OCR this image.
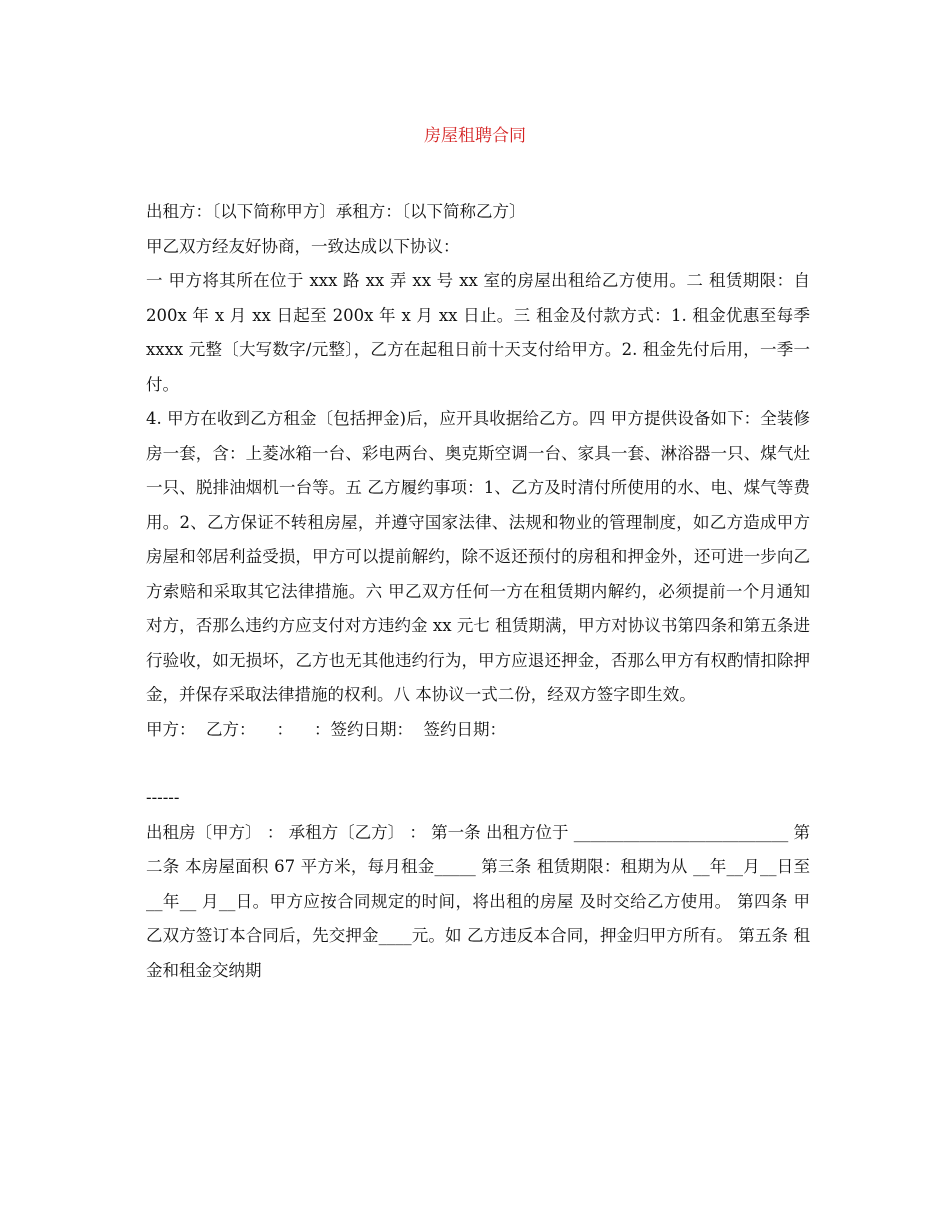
房屋租聘合同

出租方：〔以下简称甲方〕承租方：〔以下简称乙方〕

甲乙双方经友好协商，一致达成以下协议：

一 甲方将其所在位于 xxx 路 xx 弄 xx 号 xx 室的房屋出租给乙方使用。二 租赁期限：自 200x 年 x 月 xx 日起至 200x 年 x 月 xx 日止。三 租金及付款方式：1. 租金优惠至每季 xxxx 元整〔大写数字/元整〕，乙方在起租日前十天支付给甲方。2. 租金先付后用，一季一付。

4. 甲方在收到乙方租金〔包括押金)后，应开具收据给乙方。四 甲方提供设备如下：全装修房一套，含：上菱冰箱一台、彩电两台、奥克斯空调一台、家具一套、淋浴器一只、煤气灶一只、脱排油烟机一台等。五 乙方履约事项：1、乙方及时清付所使用的水、电、煤气等费用。2、乙方保证不转租房屋，并遵守国家法律、法规和物业的管理制度，如乙方造成甲方房屋和邻居利益受损，甲方可以提前解约，除不返还预付的房租和押金外，还可进一步向乙方索赔和采取其它法律措施。六 甲乙双方任何一方在租赁期内解约，必须提前一个月通知对方，否那么违约方应支付对方违约金 xx 元七 租赁期满，甲方对协议书第四条和第五条进行验收，如无损坏，乙方也无其他违约行为，甲方应退还押金，否那么甲方有权酌情扣除押金，并保存采取法律措施的权利。八 本协议一式二份，经双方签字即生效。

甲方：  乙方：    ：    ：签约日期：  签约日期：

------

出租房〔甲方〕 ： 承租方〔乙方〕 ： 第一条 出租方位于 __________________________ 第二条 本房屋面积 67 平方米，每月租金_____ 第三条 租赁期限：租期为从 __年__月__日至__年__ 月__日。甲方应按合同规定的时间，将出租的房屋 及时交给乙方使用。 第四条 甲乙双方签订本合同后，先交押金____元。如 乙方违反本合同，押金归甲方所有。 第五条 租金和租金交纳期
